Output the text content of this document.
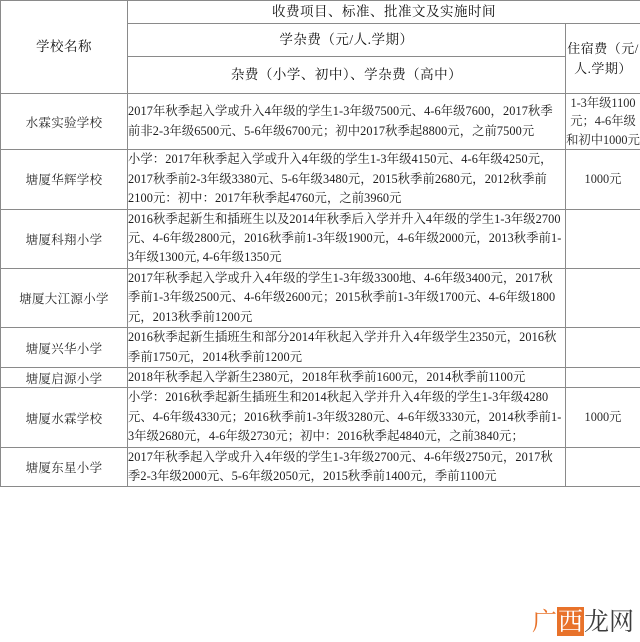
学校名称	收费项目、标准、批准文及实施时间	
	学杂费（元/人.学期）	住宿费（元/人.学期）
	杂费（小学、初中）、学杂费（高中）	
水霖实验学校	2017年秋季起入学或升入4年级的学生1-3年级7500元、4-6年级7600，2017秋季前非2-3年级6500元、5-6年级6700元；初中2017秋季起8800元，之前7500元	1-3年级1100元；4-6年级和初中1000元
塘厦华辉学校	小学：2017年秋季起入学或升入4年级的学生1-3年级4150元、4-6年级4250元，2017秋季前2-3年级3380元、5-6年级3480元，2015秋季前2680元，2012秋季前2100元：初中：2017年秋季起4760元，之前3960元	1000元
塘厦科翔小学	2016秋季起新生和插班生以及2014年秋季后入学并升入4年级的学生1-3年级2700元、4-6年级2800元，2016秋季前1-3年级1900元，4-6年级2000元，2013秋季前1-3年级1300元, 4-6年级1350元	
塘厦大江源小学	2017年秋季起入学或升入4年级的学生1-3年级3300地、4-6年级3400元，2017秋季前1-3年级2500元、4-6年级2600元；2015秋季前1-3年级1700元、4-6年级1800元，2013秋季前1200元	
塘厦兴华小学	2016秋季起新生插班生和部分2014年秋起入学并升入4年级学生2350元，2016秋季前1750元，2014秋季前1200元	
塘厦启源小学	2018年秋季起入学新生2380元，2018年秋季前1600元，2014秋季前1100元	
塘厦水霖学校	小学：2016秋季起新生插班生和2014秋起入学并升入4年级的学生1-3年级4280元、4-6年级4330元；2016秋季前1-3年级3280元、4-6年级3330元，2014秋季前1-3年级2680元，4-6年级2730元；初中：2016秋季起4840元，之前3840元；	1000元
塘厦东星小学	2017年秋季起入学或升入4年级的学生1-3年级2700元、4-6年级2750元，2017秋季2-3年级2000元、5-6年级2050元，2015秋季前1400元，季前1100元	
广西龙网
